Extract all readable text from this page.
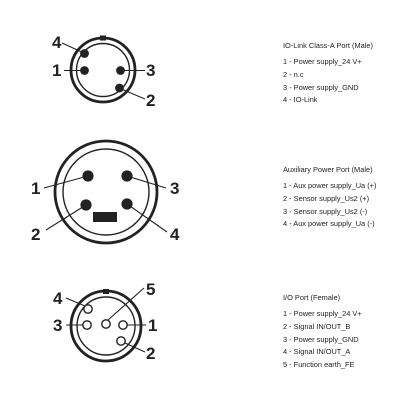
1
2
3
4
1
2
3
4
1
2
3
4	5
IO-Link Class-A Port (Male)
1 - Power supply_24 V+
2 - n.c
3 - Power supply_GND
4 - IO-Link
Auxiliary Power Port (Male)
1 - Aux power supply_Ua (+)
2 - Sensor supply_Us2 (+)
3 - Sensor supply_Us2 (-)
4 - Aux power supply_Ua (-)
I/O Port (Female)
1 - Power supply_24 V+
2 - Signal IN/OUT_B
3 - Power supply_GND
4 - Signal IN/OUT_A
5 - Function earth_FE
